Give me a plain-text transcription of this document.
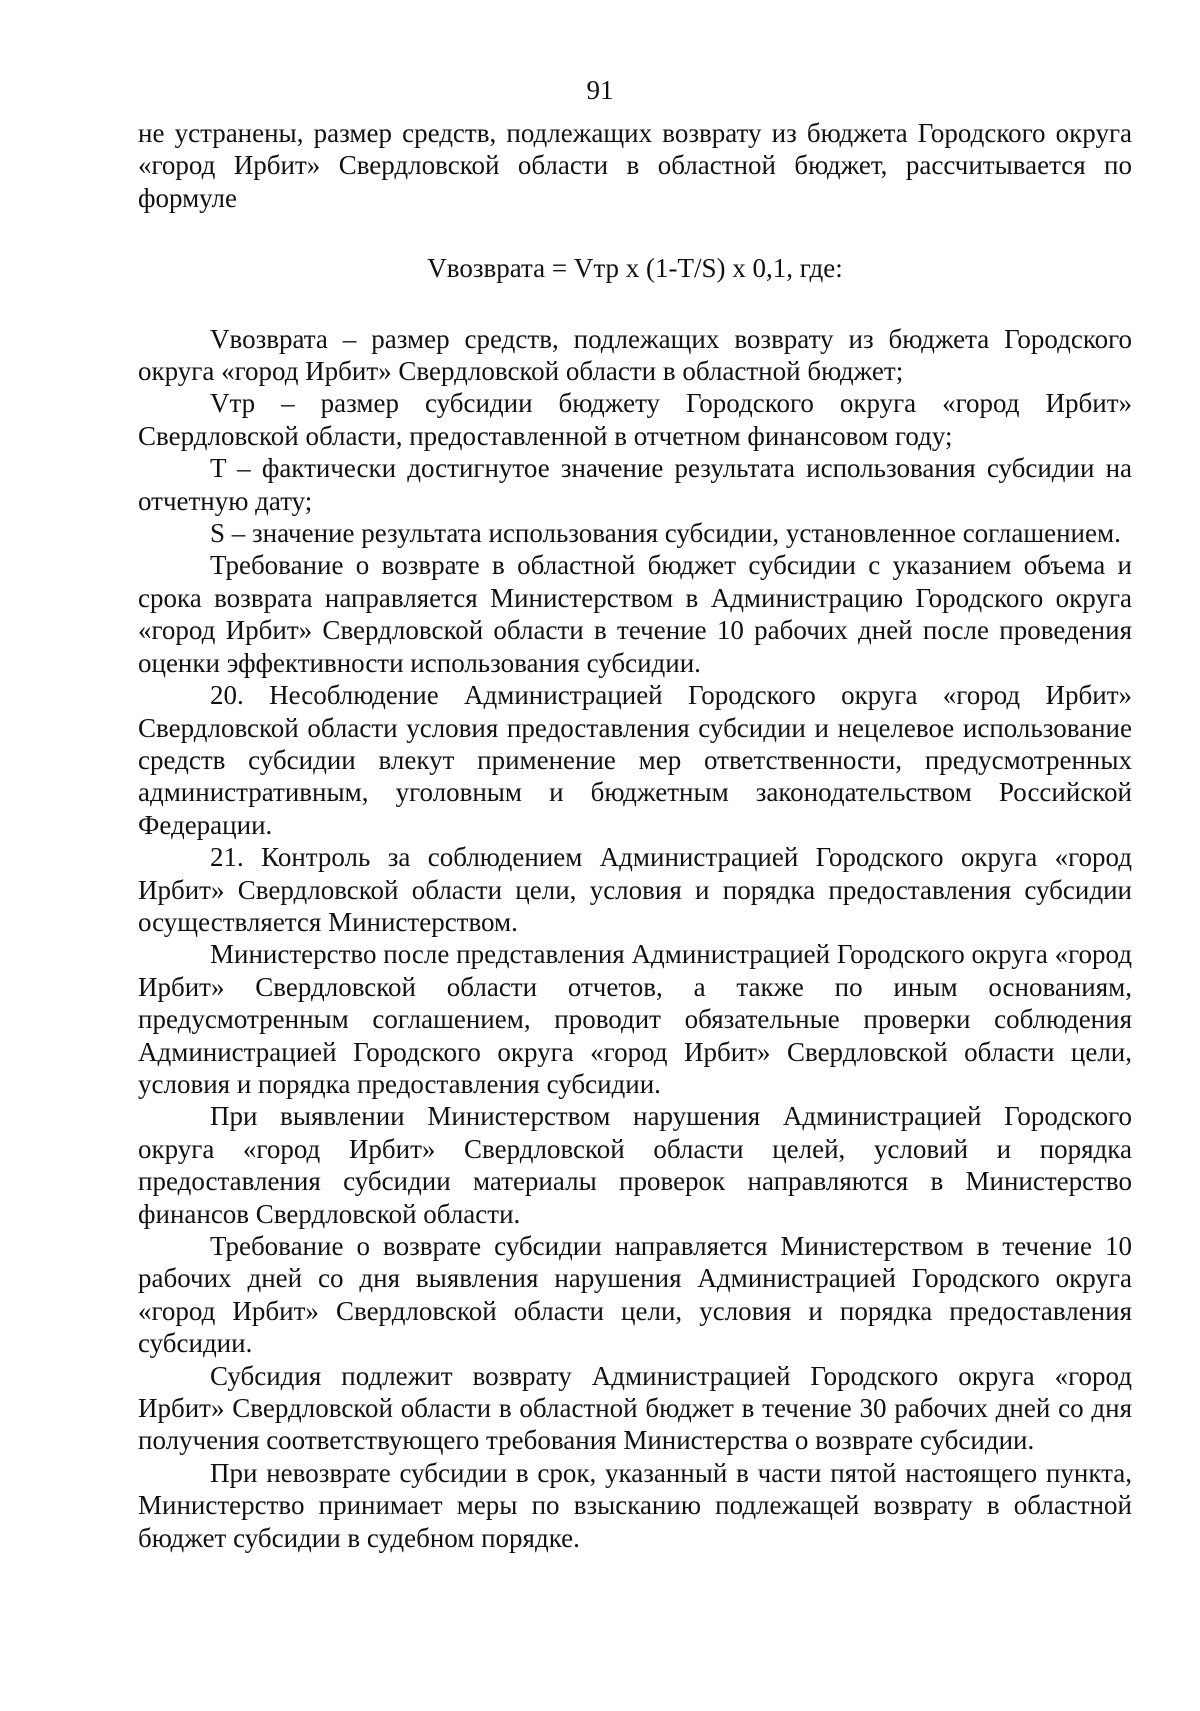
91

не устранены, размер средств, подлежащих возврату из бюджета Городского округа «город Ирбит» Свердловской области в областной бюджет, рассчитывается по формуле

Vвозврата = Vтр x (1-T/S) x 0,1, где:

Vвозврата – размер средств, подлежащих возврату из бюджета Городского округа «город Ирбит» Свердловской области в областной бюджет;

Vтр – размер субсидии бюджету Городского округа «город Ирбит» Свердловской области, предоставленной в отчетном финансовом году;

T – фактически достигнутое значение результата использования субсидии на отчетную дату;

S – значение результата использования субсидии, установленное соглашением.

Требование о возврате в областной бюджет субсидии с указанием объема и срока возврата направляется Министерством в Администрацию Городского округа «город Ирбит» Свердловской области в течение 10 рабочих дней после проведения оценки эффективности использования субсидии.

20. Несоблюдение Администрацией Городского округа «город Ирбит» Свердловской области условия предоставления субсидии и нецелевое использование средств субсидии влекут применение мер ответственности, предусмотренных административным, уголовным и бюджетным законодательством Российской Федерации.

21. Контроль за соблюдением Администрацией Городского округа «город Ирбит» Свердловской области цели, условия и порядка предоставления субсидии осуществляется Министерством.

Министерство после представления Администрацией Городского округа «город Ирбит» Свердловской области отчетов, а также по иным основаниям, предусмотренным соглашением, проводит обязательные проверки соблюдения Администрацией Городского округа «город Ирбит» Свердловской области цели, условия и порядка предоставления субсидии.

При выявлении Министерством нарушения Администрацией Городского округа «город Ирбит» Свердловской области целей, условий и порядка предоставления субсидии материалы проверок направляются в Министерство финансов Свердловской области.

Требование о возврате субсидии направляется Министерством в течение 10 рабочих дней со дня выявления нарушения Администрацией Городского округа «город Ирбит» Свердловской области цели, условия и порядка предоставления субсидии.

Субсидия подлежит возврату Администрацией Городского округа «город Ирбит» Свердловской области в областной бюджет в течение 30 рабочих дней со дня получения соответствующего требования Министерства о возврате субсидии.

При невозврате субсидии в срок, указанный в части пятой настоящего пункта, Министерство принимает меры по взысканию подлежащей возврату в областной бюджет субсидии в судебном порядке.
